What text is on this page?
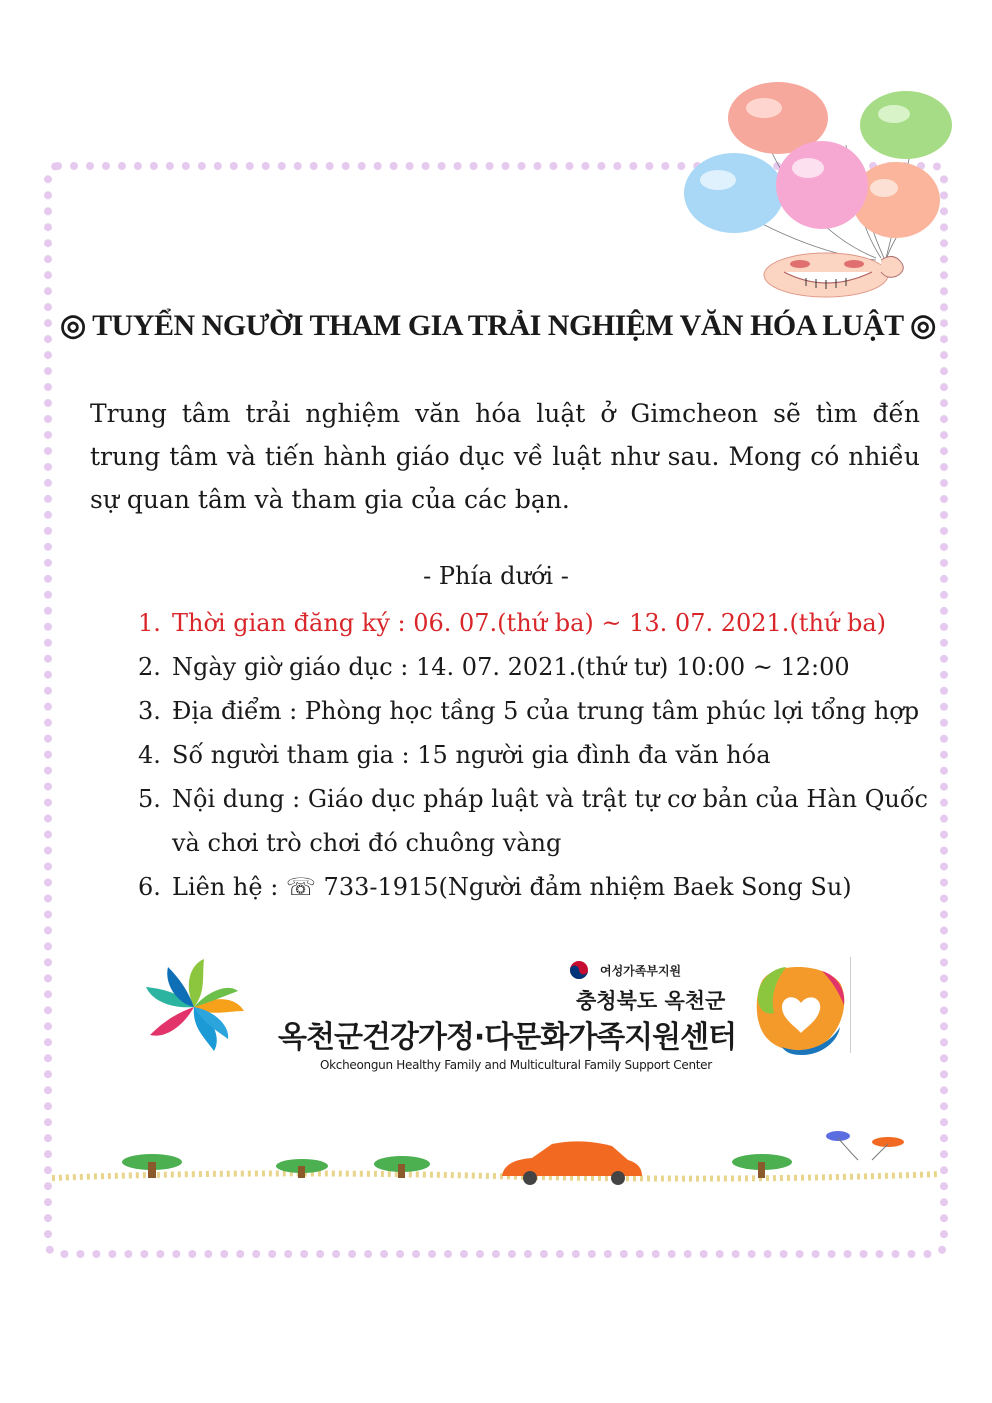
◎ TUYỂN NGƯỜI THAM GIA TRẢI NGHIỆM VĂN HÓA LUẬT ◎
Trung tâm trải nghiệm văn hóa luật ở Gimcheon sẽ tìm đến trung tâm và tiến hành giáo dục về luật như sau. Mong có nhiều sự quan tâm và tham gia của các bạn.
- Phía dưới -
1. Thời gian đăng ký : 06. 07.(thứ ba) ~ 13. 07. 2021.(thứ ba)
2. Ngày giờ giáo dục : 14. 07. 2021.(thứ tư) 10:00 ~ 12:00
3. Địa điểm : Phòng học tầng 5 của trung tâm phúc lợi tổng hợp
4. Số người tham gia : 15 người gia đình đa văn hóa
5. Nội dung : Giáo dục pháp luật và trật tự cơ bản của Hàn Quốc và chơi trò chơi đó chuông vàng
6. Liên hệ : ☏ 733-1915(Người đảm nhiệm Baek Song Su)
여성가족부지원
충청북도 옥천군
옥천군건강가정·다문화가족지원센터
Okcheongun Healthy Family and Multicultural Family Support Center
